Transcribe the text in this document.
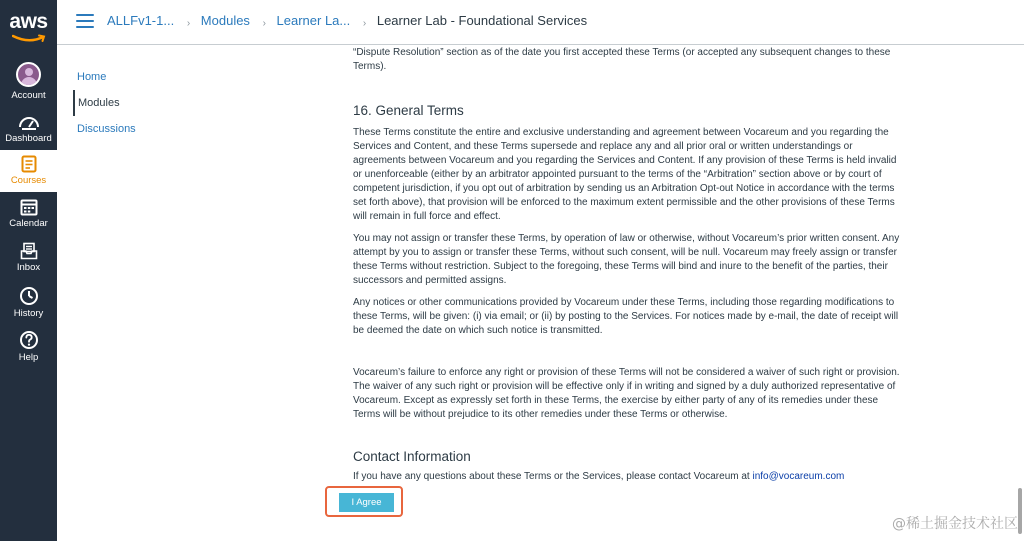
aws
Account
Dashboard
Courses
Calendar
Inbox
History
Help
ALLFv1-1... › Modules › Learner La... › Learner Lab - Foundational Services
Home
Modules
Discussions

“Dispute Resolution” section as of the date you first accepted these Terms (or accepted any subsequent changes to these Terms).

16. General Terms

These Terms constitute the entire and exclusive understanding and agreement between Vocareum and you regarding the Services and Content, and these Terms supersede and replace any and all prior oral or written understandings or agreements between Vocareum and you regarding the Services and Content. If any provision of these Terms is held invalid or unenforceable (either by an arbitrator appointed pursuant to the terms of the “Arbitration” section above or by court of competent jurisdiction, if you opt out of arbitration by sending us an Arbitration Opt-out Notice in accordance with the terms set forth above), that provision will be enforced to the maximum extent permissible and the other provisions of these Terms will remain in full force and effect.

You may not assign or transfer these Terms, by operation of law or otherwise, without Vocareum’s prior written consent. Any attempt by you to assign or transfer these Terms, without such consent, will be null. Vocareum may freely assign or transfer these Terms without restriction. Subject to the foregoing, these Terms will bind and inure to the benefit of the parties, their successors and permitted assigns.

Any notices or other communications provided by Vocareum under these Terms, including those regarding modifications to these Terms, will be given: (i) via email; or (ii) by posting to the Services. For notices made by e-mail, the date of receipt will be deemed the date on which such notice is transmitted.

Vocareum’s failure to enforce any right or provision of these Terms will not be considered a waiver of such right or provision. The waiver of any such right or provision will be effective only if in writing and signed by a duly authorized representative of Vocareum. Except as expressly set forth in these Terms, the exercise by either party of any of its remedies under these Terms will be without prejudice to its other remedies under these Terms or otherwise.

Contact Information

If you have any questions about these Terms or the Services, please contact Vocareum at info@vocareum.com

I Agree
@稀土掘金技术社区
